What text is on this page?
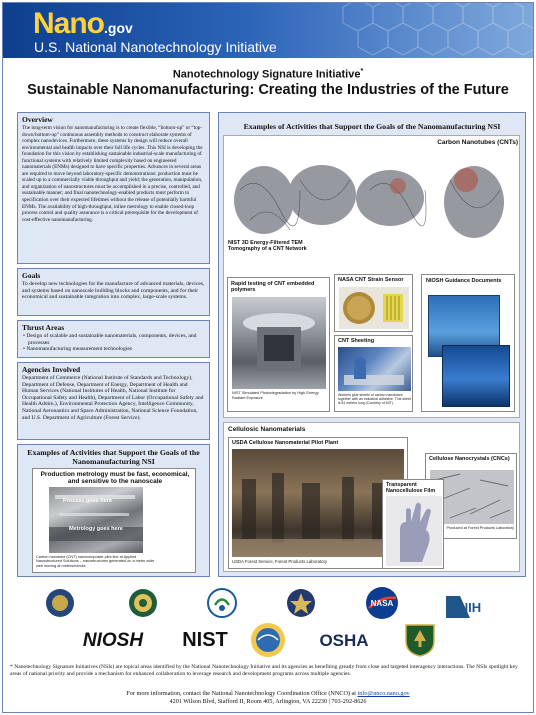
Nano.gov
U.S. National Nanotechnology Initiative
Nanotechnology Signature Initiative*
Sustainable Nanomanufacturing: Creating the Industries of the Future
Overview
The long-term vision for nanomanufacturing is to create flexible, “bottom-up” or “top-down/bottom-up” continuous assembly methods to construct elaborate systems of complex nanodevices. Furthermore, these systems by design will reduce overall environmental and health impacts over their full life cycles. This NSI is developing the foundation for this vision by establishing sustainable industrial-scale manufacturing of functional systems with relatively limited complexity based on engineered nanomaterials (ENMs) designed to have specific properties. Advances in several areas are required to move beyond laboratory-specific demonstrations: production must be scaled up to a commercially viable throughput and yield; the generation, manipulation, and organization of nanostructures must be accomplished in a precise, controlled, and sustainable manner; and final nanotechnology-enabled products must perform to specification over their expected lifetimes without the release of potentially harmful ENMs. The availability of high-throughput, inline metrology to enable closed-loop process control and quality assurance is a critical prerequisite for the development of cost-effective nanomanufacturing.
Goals
To develop new technologies for the manufacture of advanced materials, devices, and systems based on nanoscale building blocks and components, and for their economical and sustainable integration into complex, large-scale systems.
Thrust Areas
• Design of scalable and sustainable nanomaterials, components, devices, and processes
• Nanomanufacturing measurement technologies
Agencies Involved
Department of Commerce (National Institute of Standards and Technology), Department of Defense, Department of Energy, Department of Health and Human Services (National Institutes of Health, National Institute for Occupational Safety and Health), Department of Labor (Occupational Safety and Health Admin.), Environmental Protection Agency, Intelligence Community, National Aeronautics and Space Administration, National Science Foundation, and U.S. Department of Agriculture (Forest Service).
Examples of Activities that Support the Goals of the Nanomanufacturing NSI
Production metrology must be fast, economical, and sensitive to the nanoscale
Process goes here
Metrology goes here
Carbon nanotube (CNT) nanocomposite pilot line at Applied Nanostructured Solutions – nanostructures generated on a meter wide web moving at meters/minute
Examples of Activities that Support the Goals of the Nanomanufacturing NSI
Carbon Nanotubes (CNTs)
NIST 3D Energy-Filtered TEM Tomography of a CNT Network
Rapid testing of CNT embedded polymers
NIST Simulated Photodegradation by High Energy Radiant Exposure
NASA CNT Strain Sensor
CNT Sheeting
Workers glue sheets of carbon nanotubes together with an industrial adhesive. This sheet is 81 meters long (Courtesy of MIT).
NIOSH Guidance Documents
Cellulosic Nanomaterials
USDA Cellulose Nanomaterial Pilot Plant
USDA Forest Service, Forest Products Laboratory
Cellulose Nanocrystals (CNCs)
Produced at Forest Products Laboratory
Transparent Nanocellulose Film
NASA	NIH
NIOSH NIST	OSHA
* Nanotechnology Signature Initiatives (NSIs) are topical areas identified by the National Nanotechnology Initiative and its agencies as benefiting greatly from close and targeted interagency interactions. The NSIs spotlight key areas of national priority and provide a mechanism for enhanced collaboration to leverage research and development programs across multiple agencies.
For more information, contact the National Nanotechnology Coordination Office (NNCO) at info@nnco.nano.gov
4201 Wilson Blvd, Stafford II, Room 405, Arlington, VA 22230 | 703-292-8626
